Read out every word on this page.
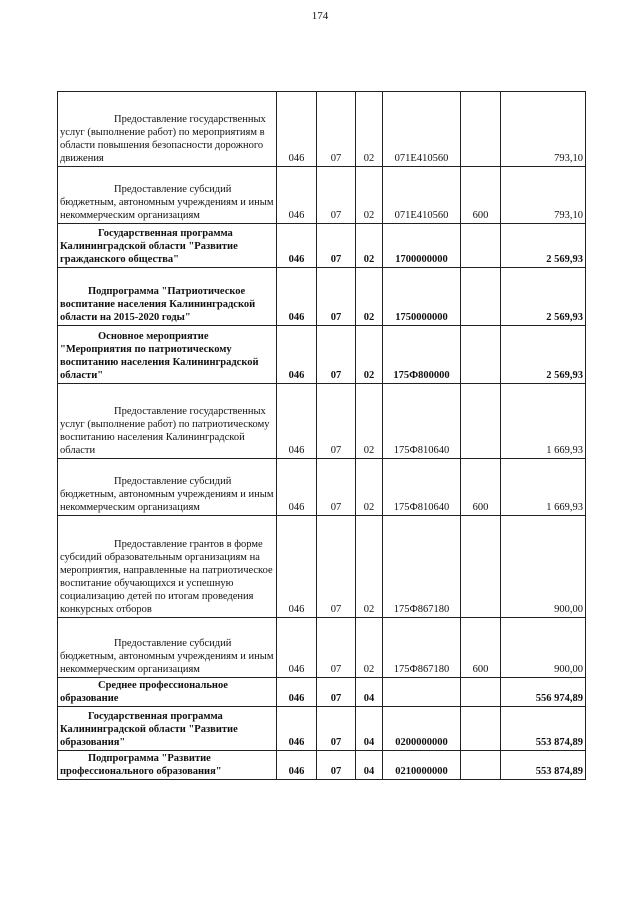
174
Предоставление государственных услуг (выполнение работ) по мероприятиям в области повышения безопасности дорожного движения	046	07	02	071E410560		793,10
Предоставление субсидий бюджетным, автономным учреждениям и иным некоммерческим организациям	046	07	02	071E410560	600	793,10
Государственная программа Калининградской области "Развитие гражданского общества"	046	07	02	1700000000		2 569,93
Подпрограмма "Патриотическое воспитание населения Калининградской области на 2015-2020 годы"	046	07	02	1750000000		2 569,93
Основное мероприятие "Мероприятия по патриотическому воспитанию населения Калининградской области"	046	07	02	175Ф800000		2 569,93
Предоставление государственных услуг (выполнение работ) по патриотическому воспитанию населения Калининградской области	046	07	02	175Ф810640		1 669,93
Предоставление субсидий бюджетным, автономным учреждениям и иным некоммерческим организациям	046	07	02	175Ф810640	600	1 669,93
Предоставление грантов в форме субсидий образовательным организациям на мероприятия, направленные на патриотическое воспитание обучающихся и успешную социализацию детей по итогам проведения конкурсных отборов	046	07	02	175Ф867180		900,00
Предоставление субсидий бюджетным, автономным учреждениям и иным некоммерческим организациям	046	07	02	175Ф867180	600	900,00
Среднее профессиональное образование	046	07	04			556 974,89
Государственная программа Калининградской области "Развитие образования"	046	07	04	0200000000		553 874,89
Подпрограмма "Развитие профессионального образования"	046	07	04	0210000000		553 874,89
